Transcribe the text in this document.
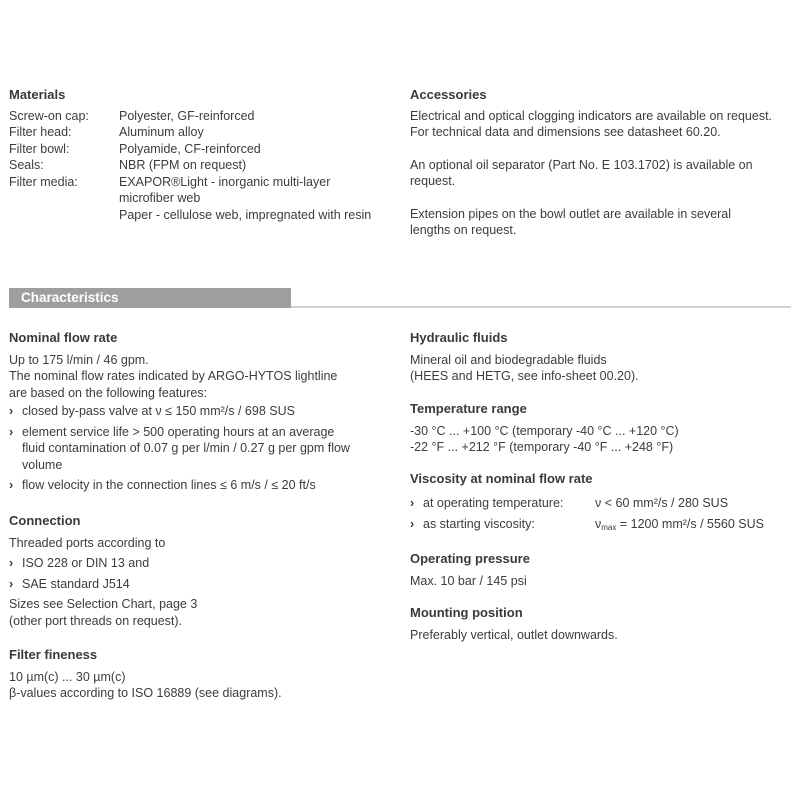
Materials
Screw-on cap:	Polyester, GF-reinforced
Filter head:	Aluminum alloy
Filter bowl:	Polyamide, CF-reinforced
Seals:	NBR (FPM on request)
Filter media:	EXAPOR®Light - inorganic multi-layer
microfiber web
Paper - cellulose web, impregnated with resin
Accessories
Electrical and optical clogging indicators are available on request.
For technical data and dimensions see datasheet 60.20.
An optional oil separator (Part No. E 103.1702) is available on
request.
Extension pipes on the bowl outlet are available in several
lengths on request.
Characteristics
Nominal flow rate
Up to 175 l/min / 46 gpm.
The nominal flow rates indicated by ARGO-HYTOS lightline
are based on the following features:
› closed by-pass valve at ν ≤ 150 mm²/s / 698 SUS
› element service life > 500 operating hours at an average
fluid contamination of 0.07 g per l/min / 0.27 g per gpm flow
volume
› flow velocity in the connection lines ≤ 6 m/s / ≤ 20 ft/s
Connection
Threaded ports according to
› ISO 228 or DIN 13 and
› SAE standard J514
Sizes see Selection Chart, page 3
(other port threads on request).
Filter fineness
10 µm(c) ... 30 µm(c)
β-values according to ISO 16889 (see diagrams).
Hydraulic fluids
Mineral oil and biodegradable fluids
(HEES and HETG, see info-sheet 00.20).
Temperature range
-30 °C ... +100 °C (temporary -40 °C ... +120 °C)
-22 °F ... +212 °F (temporary -40 °F ... +248 °F)
Viscosity at nominal flow rate
› at operating temperature:	ν < 60 mm²/s / 280 SUS
› as starting viscosity:	$\nu_{max} = 1200$ mm²/s / 5560 SUS
Operating pressure
Max. 10 bar / 145 psi
Mounting position
Preferably vertical, outlet downwards.
